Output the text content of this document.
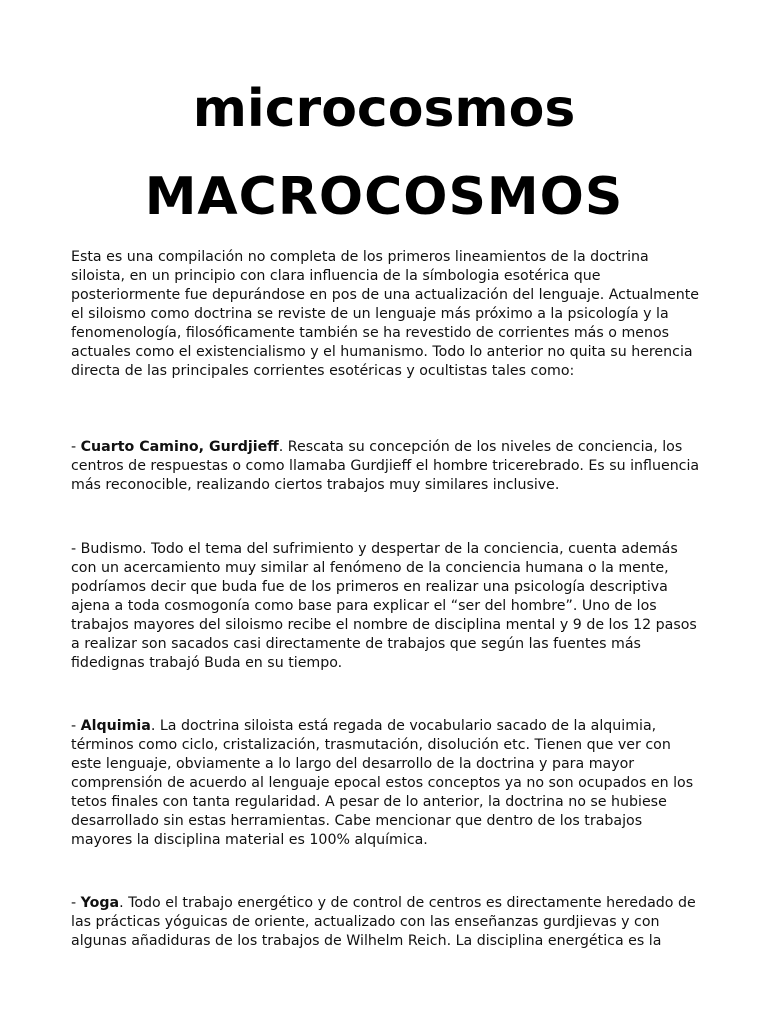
microcosmos
MACROCOSMOS

Esta es una compilación no completa de los primeros lineamientos de la doctrina siloista, en un principio con clara influencia de la símbologia esotérica que posteriormente fue depurándose en pos de una actualización del lenguaje. Actualmente el siloismo como doctrina se reviste de un lenguaje más próximo a la psicología y la fenomenología, filosóficamente también se ha revestido de corrientes más o menos actuales como el existencialismo y el humanismo. Todo lo anterior no quita su herencia directa de las principales corrientes esotéricas y ocultistas tales como:

- Cuarto Camino, Gurdjieff. Rescata su concepción de los niveles de conciencia, los centros de respuestas o como llamaba Gurdjieff el hombre tricerebrado. Es su influencia más reconocible, realizando ciertos trabajos muy similares inclusive.

- Budismo. Todo el tema del sufrimiento y despertar de la conciencia, cuenta además con un acercamiento muy similar al fenómeno de la conciencia humana o la mente, podríamos decir que buda fue de los primeros en realizar una psicología descriptiva ajena a toda cosmogonía como base para explicar el “ser del hombre”. Uno de los trabajos mayores del siloismo recibe el nombre de disciplina mental y 9 de los 12 pasos a realizar son sacados casi directamente de trabajos que según las fuentes más fidedignas trabajó Buda en su tiempo.

- Alquimia. La doctrina siloista está regada de vocabulario sacado de la alquimia, términos como ciclo, cristalización, trasmutación, disolución etc. Tienen que ver con este lenguaje, obviamente a lo largo del desarrollo de la doctrina y para mayor comprensión de acuerdo al lenguaje epocal estos conceptos ya no son ocupados en los tetos finales con tanta regularidad. A pesar de lo anterior, la doctrina no se hubiese desarrollado sin estas herramientas. Cabe mencionar que dentro de los trabajos mayores la disciplina material es 100% alquímica.

- Yoga. Todo el trabajo energético y de control de centros es directamente heredado de las prácticas yóguicas de oriente, actualizado con las enseñanzas gurdjievas y con algunas añadiduras de los trabajos de Wilhelm Reich. La disciplina energética es la
